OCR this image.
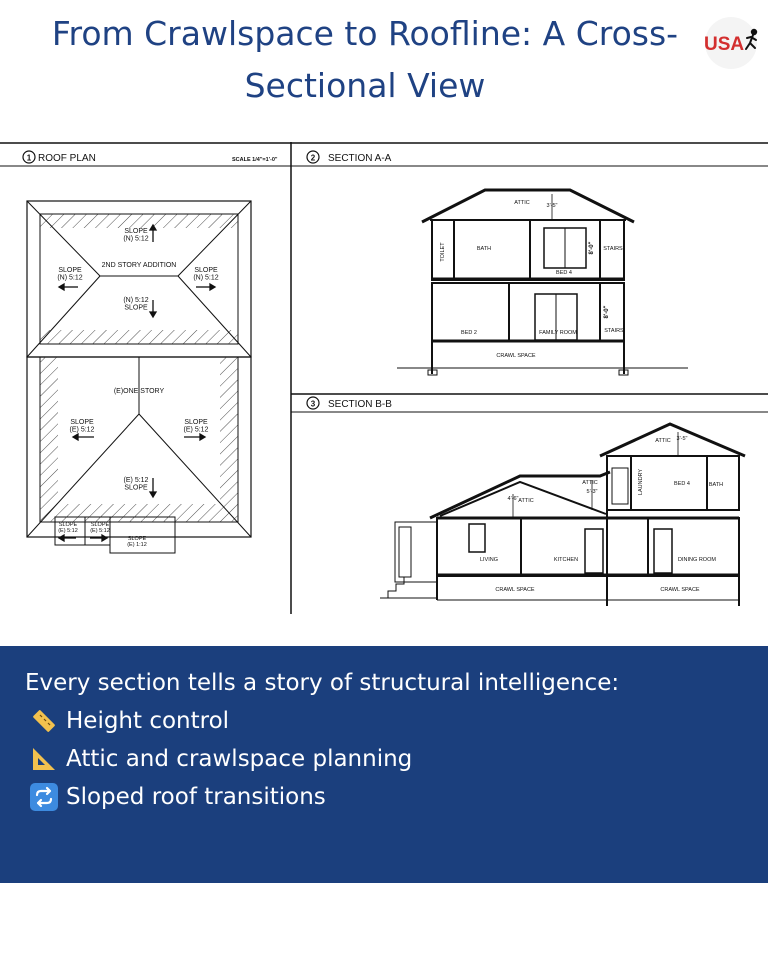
From Crawlspace to Roofline: A Cross-Sectional View
USA
1 ROOF PLAN	SCALE 1/4"=1'-0"
SLOPE (N) 5:12
2ND STORY ADDITION
SLOPE (N) 5:12
SLOPE (N) 5:12
(N) 5:12 SLOPE
(E)ONE STORY
SLOPE (E) 5:12
SLOPE (E) 5:12
(E) 5:12 SLOPE
SLOPE (E) 5:12
SLOPE (E) 5:12
SLOPE (E) 1:12
2 SECTION A-A
ATTIC	3'-5"
TOILET	BATH
BED 4
STAIRS
8'-0"
BED 2	FAMILY ROOM	STAIRS
8'-0"
CRAWL SPACE
3 SECTION B-B
ATTIC 3'-5"
LAUNDRY	BED 4	BATH
ATTIC
5'-3"
4'-6" ATTIC
LIVING	KITCHEN	DINING ROOM
CRAWL SPACE	CRAWL SPACE
Every section tells a story of structural intelligence:
Height control
Attic and crawlspace planning
Sloped roof transitions
